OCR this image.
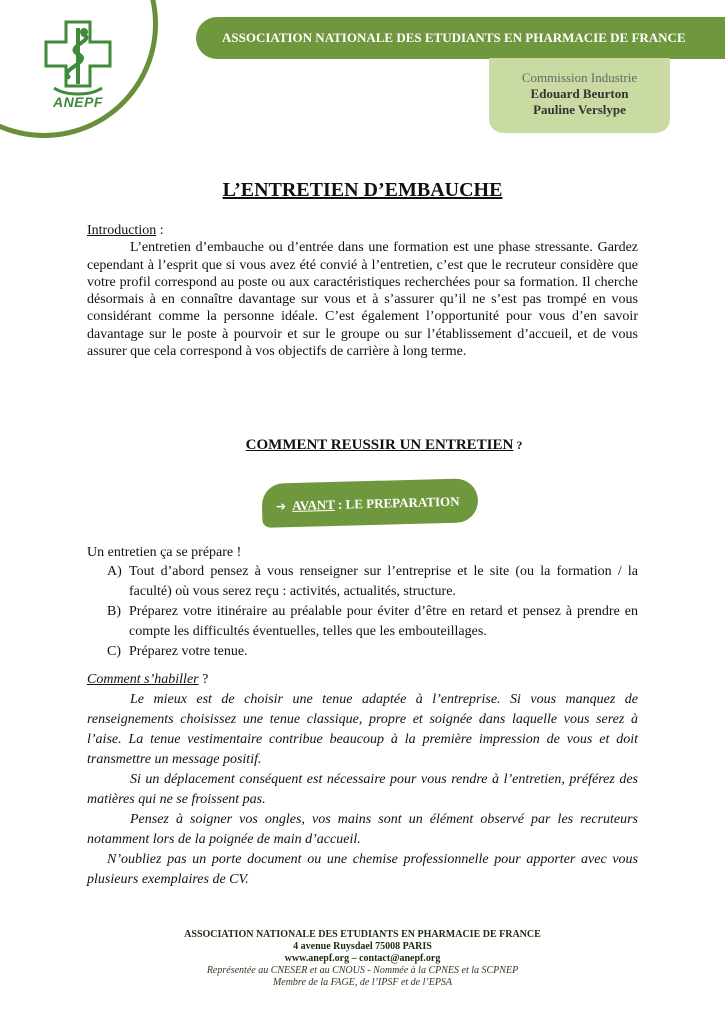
ANEPF
ASSOCIATION NATIONALE DES ETUDIANTS EN PHARMACIE DE FRANCE
Commission Industrie
Edouard Beurton
Pauline Verslype
L’ENTRETIEN D’EMBAUCHE

Introduction :

L’entretien d’embauche ou d’entrée dans une formation est une phase stressante. Gardez cependant à l’esprit que si vous avez été convié à l’entretien, c’est que le recruteur considère que votre profil correspond au poste ou aux caractéristiques recherchées pour sa formation. Il cherche désormais à en connaître davantage sur vous et à s’assurer qu’il ne s’est pas trompé en vous considérant comme la personne idéale. C’est également l’opportunité pour vous d’en savoir davantage sur le poste à pourvoir et sur le groupe ou sur l’établissement d’accueil, et de vous assurer que cela correspond à vos objectifs de carrière à long terme.

COMMENT REUSSIR UN ENTRETIEN ?
➔ AVANT : LE PREPARATION

Un entretien ça se prépare !

A) Tout d’abord pensez à vous renseigner sur l’entreprise et le site (ou la formation / la faculté) où vous serez reçu : activités, actualités, structure.
B) Préparez votre itinéraire au préalable pour éviter d’être en retard et pensez à prendre en compte les difficultés éventuelles, telles que les embouteillages.
C) Préparez votre tenue.

Comment s’habiller ?

Le mieux est de choisir une tenue adaptée à l’entreprise. Si vous manquez de renseignements choisissez une tenue classique, propre et soignée dans laquelle vous serez à l’aise. La tenue vestimentaire contribue beaucoup à la première impression de vous et doit transmettre un message positif.

Si un déplacement conséquent est nécessaire pour vous rendre à l’entretien, préférez des matières qui ne se froissent pas.

Pensez à soigner vos ongles, vos mains sont un élément observé par les recruteurs notamment lors de la poignée de main d’accueil.

N’oubliez pas un porte document ou une chemise professionnelle pour apporter avec vous plusieurs exemplaires de CV.

ASSOCIATION NATIONALE DES ETUDIANTS EN PHARMACIE DE FRANCE
4 avenue Ruysdael 75008 PARIS
www.anepf.org – contact@anepf.org
Représentée au CNESER et au CNOUS - Nommée à la CPNES et la SCPNEP
Membre de la FAGE, de l’IPSF et de l’EPSA
